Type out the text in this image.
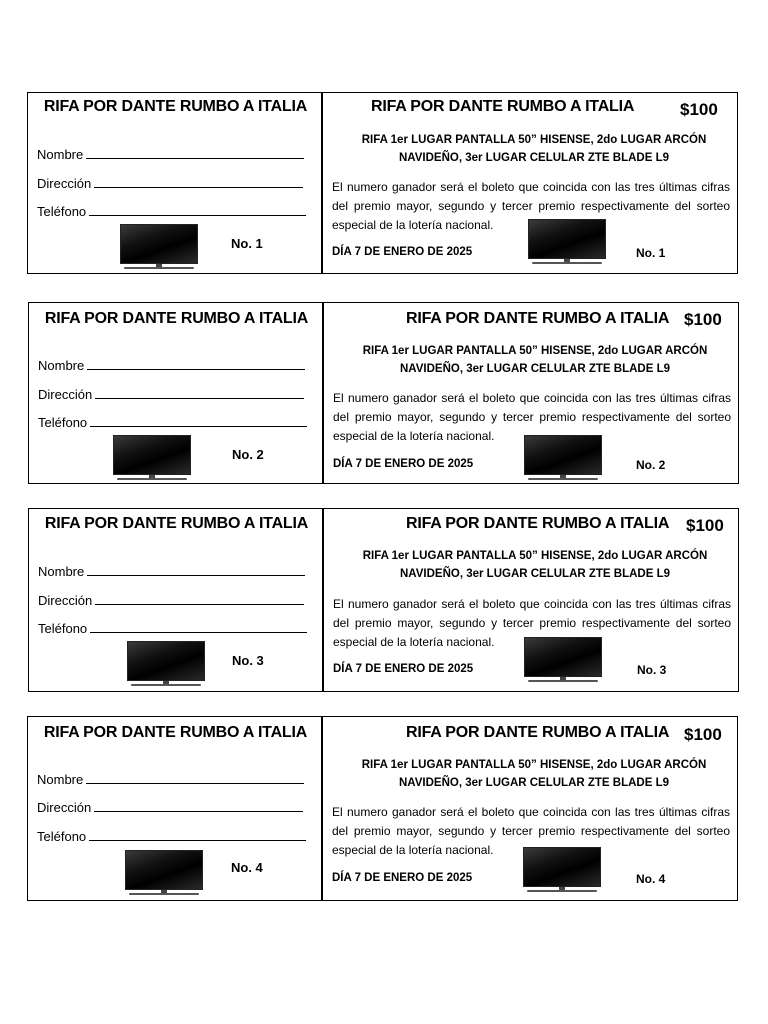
RIFA POR DANTE RUMBO A ITALIA
Nombre
Dirección
Teléfono
No. 1
RIFA POR DANTE RUMBO A ITALIA	$100
RIFA 1er LUGAR PANTALLA 50” HISENSE, 2do LUGAR ARCÓN NAVIDEÑO, 3er LUGAR CELULAR ZTE BLADE L9
El numero ganador será el boleto que coincida con las tres últimas cifras del premio mayor, segundo y tercer premio respectivamente del sorteo especial de la lotería nacional.
DÍA 7 DE ENERO DE 2025	No. 1
RIFA POR DANTE RUMBO A ITALIA
Nombre
Dirección
Teléfono
No. 2
RIFA POR DANTE RUMBO A ITALIA $100
RIFA 1er LUGAR PANTALLA 50” HISENSE, 2do LUGAR ARCÓN NAVIDEÑO, 3er LUGAR CELULAR ZTE BLADE L9
El numero ganador será el boleto que coincida con las tres últimas cifras del premio mayor, segundo y tercer premio respectivamente del sorteo especial de la lotería nacional.
DÍA 7 DE ENERO DE 2025	No. 2
RIFA POR DANTE RUMBO A ITALIA
Nombre
Dirección
Teléfono
No. 3
RIFA POR DANTE RUMBO A ITALIA $100
RIFA 1er LUGAR PANTALLA 50” HISENSE, 2do LUGAR ARCÓN NAVIDEÑO, 3er LUGAR CELULAR ZTE BLADE L9
El numero ganador será el boleto que coincida con las tres últimas cifras del premio mayor, segundo y tercer premio respectivamente del sorteo especial de la lotería nacional.
DÍA 7 DE ENERO DE 2025	No. 3
RIFA POR DANTE RUMBO A ITALIA
Nombre
Dirección
Teléfono
No. 4
RIFA POR DANTE RUMBO A ITALIA $100
RIFA 1er LUGAR PANTALLA 50” HISENSE, 2do LUGAR ARCÓN NAVIDEÑO, 3er LUGAR CELULAR ZTE BLADE L9
El numero ganador será el boleto que coincida con las tres últimas cifras del premio mayor, segundo y tercer premio respectivamente del sorteo especial de la lotería nacional.
DÍA 7 DE ENERO DE 2025	No. 4
